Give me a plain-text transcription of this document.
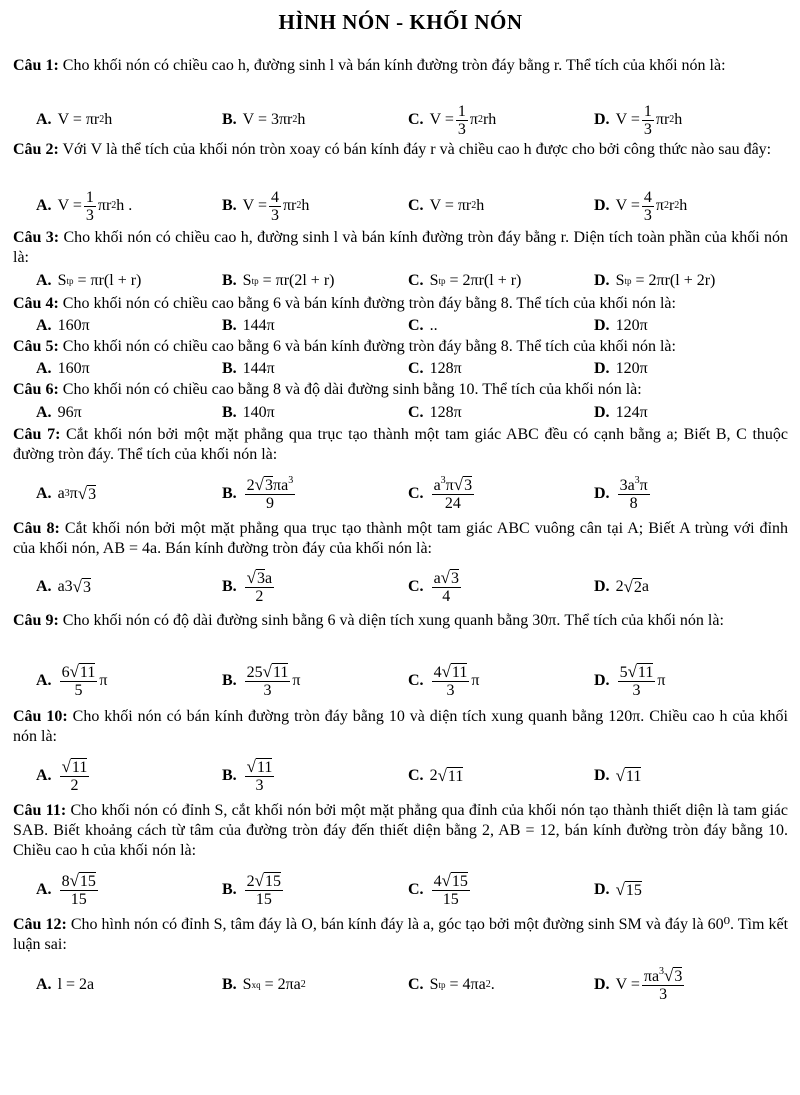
HÌNH NÓN - KHỐI NÓN
Câu 1: Cho khối nón có chiều cao h, đường sinh l và bán kính đường tròn đáy bằng r. Thể tích của khối nón là:
A. V = πr 2 h	B. V = 3πr 2 h	C. $V = \frac{1}{3}$ π 2 rh	D. $V = \frac{1}{3}$ πr 2 h
Câu 2: Với V là thể tích của khối nón tròn xoay có bán kính đáy r và chiều cao h được cho bởi công thức nào sau đây:
A. $V = \frac{1}{3}$ πr 2 h .	B. $V = \frac{4}{3}$ πr 2 h	C. V = πr 2 h	D. $V = \frac{4}{3}$ π 2 r 2 h
Câu 3: Cho khối nón có chiều cao h, đường sinh l và bán kính đường tròn đáy bằng r. Diện tích toàn phần của khối nón là:
A. S tp
= πr(l + r)	B. S tp
= πr(2l + r)	C. S tp
= 2πr(l + r)	D. S tp
= 2πr(l + 2r)
Câu 4: Cho khối nón có chiều cao bằng 6 và bán kính đường tròn đáy bằng 8. Thể tích của khối nón là:
A. 160π	B. 144π	C. ..	D. 120π
Câu 5: Cho khối nón có chiều cao bằng 6 và bán kính đường tròn đáy bằng 8. Thể tích của khối nón là:
A. 160π	B. 144π	C. 128π	D. 120π
Câu 6: Cho khối nón có chiều cao bằng 8 và độ dài đường sinh bằng 10. Thể tích của khối nón là:
A. 96π	B. 140π	C. 128π	D. 124π
Câu 7: Cắt khối nón bởi một mặt phẳng qua trục tạo thành một tam giác ABC đều có cạnh bằng a; Biết B, C thuộc đường tròn đáy. Thể tích của khối nón là:
A. a 3 π √ 3	B. $\frac{2√3\pi a^3}{9}$	C. $\frac{a^3\pi√3}{24}$	D. $\frac{3a^3\pi}{8}$
Câu 8: Cắt khối nón bởi một mặt phẳng qua trục tạo thành một tam giác ABC vuông cân tại A; Biết A trùng với đỉnh của khối nón, AB = 4a. Bán kính đường tròn đáy của khối nón là:
A. a3 √ 3	B. $\frac{√3a}{2}$	C. $\frac{a√3}{4}$	D. 2 √ 2 a
Câu 9: Cho khối nón có độ dài đường sinh bằng 6 và diện tích xung quanh bằng 30π. Thể tích của khối nón là:
A. $\frac{6√11}{5}$ π	B. $\frac{25√11}{3}$ π	C. $\frac{4√11}{3}$ π	D. $\frac{5√11}{3}$ π
Câu 10: Cho khối nón có bán kính đường tròn đáy bằng 10 và diện tích xung quanh bằng 120π. Chiều cao h của khối nón là:
A. $\frac{√11}{2}$	B. $\frac{√11}{3}$	C. 2 √ 11	D. √ 11
Câu 11: Cho khối nón có đỉnh S, cắt khối nón bởi một mặt phẳng qua đỉnh của khối nón tạo thành thiết diện là tam giác SAB. Biết khoảng cách từ tâm của đường tròn đáy đến thiết diện bằng 2, AB = 12, bán kính đường tròn đáy bằng 10. Chiều cao h của khối nón là:
A. $\frac{8√15}{15}$	B. $\frac{2√15}{15}$	C. $\frac{4√15}{15}$	D. √ 15
Câu 12: Cho hình nón có đỉnh S, tâm đáy là O, bán kính đáy là a, góc tạo bởi một đường sinh SM và đáy là 60⁰. Tìm kết luận sai:
A. l = 2a	B. S xq
= 2πa 2	C. S tp
= 4πa 2 .	D. $V = \frac{\pi a^3√3}{3}$
